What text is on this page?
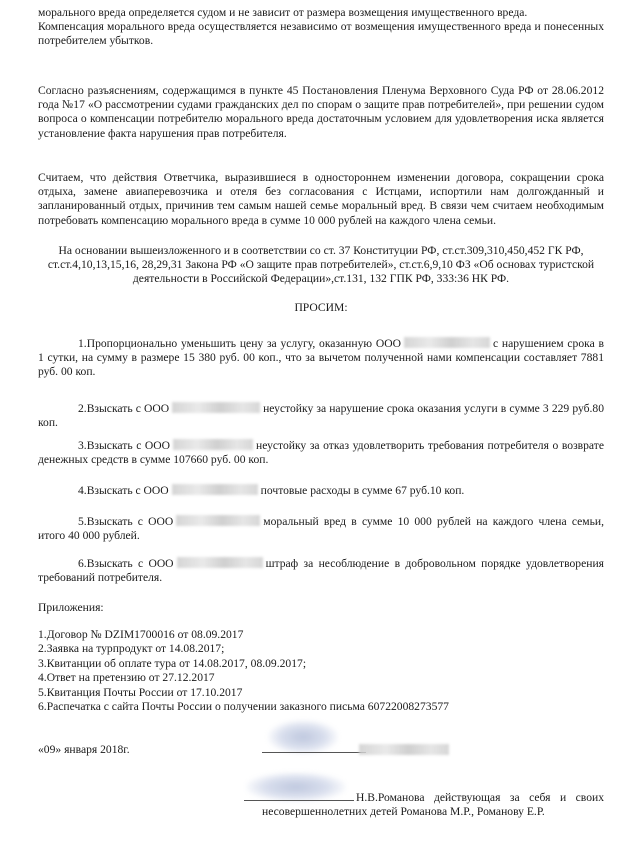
морального вреда определяется судом и не зависит от размера возмещения имущественного вреда.

Компенсация морального вреда осуществляется независимо от возмещения имущественного вреда и понесенных потребителем убытков.

Согласно разъяснениям, содержащимся в пункте 45 Постановления Пленума Верховного Суда РФ от 28.06.2012 года №17 «О рассмотрении судами гражданских дел по спорам о защите прав потребителей», при решении судом вопроса о компенсации потребителю морального вреда достаточным условием для удовлетворения иска является установление факта нарушения прав потребителя.

Считаем, что действия Ответчика, выразившиеся в одностороннем изменении договора, сокращении срока отдыха, замене авиаперевозчика и отеля без согласования с Истцами, испортили нам долгожданный и запланированный отдых, причинив тем самым нашей семье моральный вред. В связи чем считаем необходимым потребовать компенсацию морального вреда в сумме 10 000 рублей на каждого члена семьи.

На основании вышеизложенного и в соответствии со ст. 37 Конституции РФ, ст.ст.309,310,450,452 ГК РФ, ст.ст.4,10,13,15,16, 28,29,31 Закона РФ «О защите прав потребителей», ст.ст.6,9,10 ФЗ «Об основах туристской деятельности в Российской Федерации»,ст.131, 132 ГПК РФ, 333:36 НК РФ.

ПРОСИМ:

1.Пропорционально уменьшить цену за услугу, оказанную ООО	с нарушением срока в 1 сутки, на сумму в размере 15 380 руб. 00 коп., что за вычетом полученной нами компенсации составляет 7881 руб. 00 коп.

2.Взыскать с ООО	неустойку за нарушение срока оказания услуги в сумме 3 229 руб.80 коп.

3.Взыскать с ООО	неустойку за отказ удовлетворить требования потребителя о возврате денежных средств в сумме 107660 руб. 00 коп.

4.Взыскать с ООО	почтовые расходы в сумме 67 руб.10 коп.

5.Взыскать с ООО	моральный вред в сумме 10 000 рублей на каждого члена семьи, итого 40 000 рублей.

6.Взыскать с ООО	штраф за несоблюдение в добровольном порядке удовлетворения требований потребителя.

Приложения:

1.Договор № DZIM1700016 от 08.09.2017

2.Заявка на турпродукт от 14.08.2017;

3.Квитанции об оплате тура от 14.08.2017, 08.09.2017;

4.Ответ на претензию от 27.12.2017

5.Квитанция Почты России от 17.10.2017

6.Распечатка с сайта Почты России о получении заказного письма 60722008273577

«09» января 2018г.

Н.В.Романова действующая за себя и своих
несовершеннолетних детей Романова М.Р., Романову Е.Р.
